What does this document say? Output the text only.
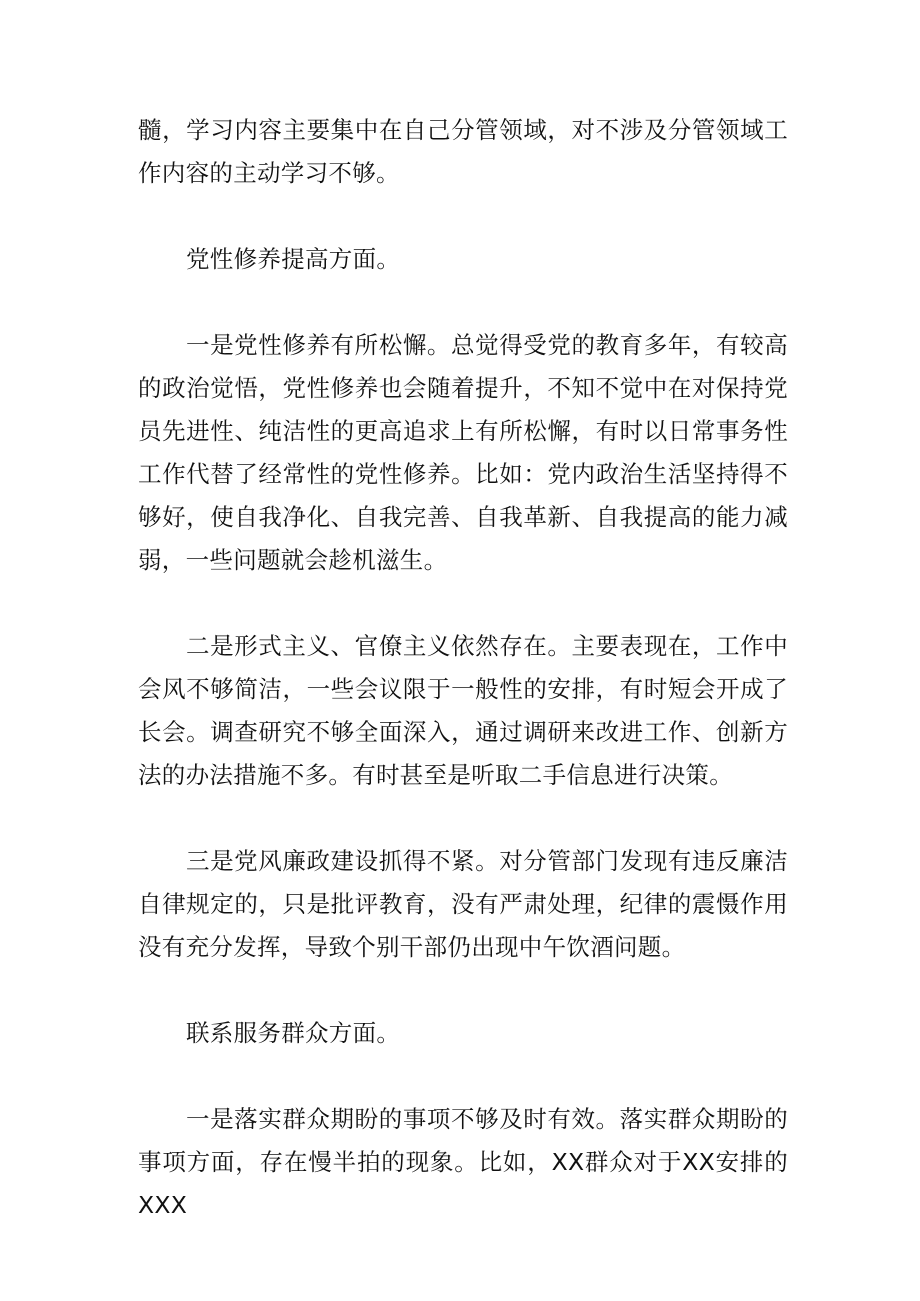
髓，学习内容主要集中在自己分管领域，对不涉及分管领域工作内容的主动学习不够。

党性修养提高方面。

一是党性修养有所松懈。总觉得受党的教育多年，有较高的政治觉悟，党性修养也会随着提升，不知不觉中在对保持党员先进性、纯洁性的更高追求上有所松懈，有时以日常事务性工作代替了经常性的党性修养。比如：党内政治生活坚持得不够好，使自我净化、自我完善、自我革新、自我提高的能力减弱，一些问题就会趁机滋生。

二是形式主义、官僚主义依然存在。主要表现在，工作中会风不够简洁，一些会议限于一般性的安排，有时短会开成了长会。调查研究不够全面深入，通过调研来改进工作、创新方法的办法措施不多。有时甚至是听取二手信息进行决策。

三是党风廉政建设抓得不紧。对分管部门发现有违反廉洁自律规定的，只是批评教育，没有严肃处理，纪律的震慑作用没有充分发挥，导致个别干部仍出现中午饮酒问题。

联系服务群众方面。

一是落实群众期盼的事项不够及时有效。落实群众期盼的事项方面，存在慢半拍的现象。比如，XX群众对于XX安排的XXX
